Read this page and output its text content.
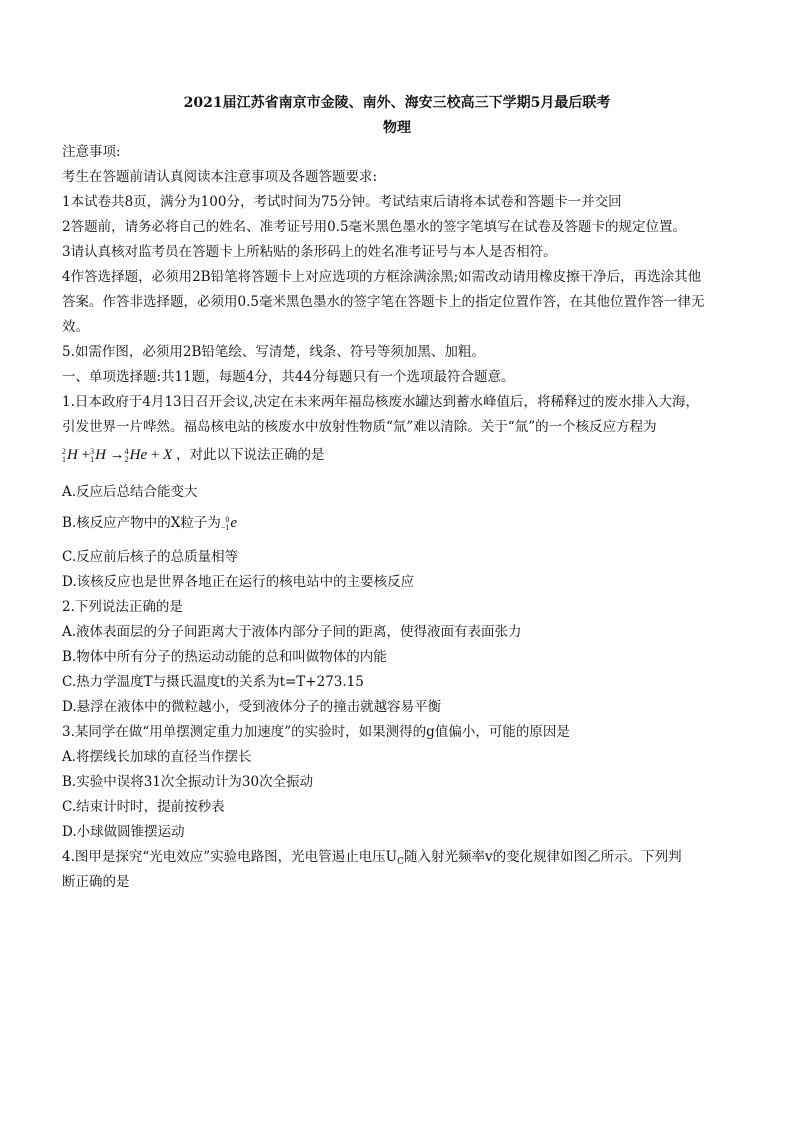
2021届江苏省南京市金陵、南外、海安三校高三下学期5月最后联考
物理
注意事项:
考生在答题前请认真阅读本注意事项及各题答题要求:
1本试卷共8页，满分为100分，考试时间为75分钟。考试结束后请将本试卷和答题卡一并交回
2答题前，请务必将自己的姓名、准考证号用0.5毫米黑色墨水的签字笔填写在试卷及答题卡的规定位置。
3请认真核对监考员在答题卡上所粘贴的条形码上的姓名准考证号与本人是否相符。
4作答选择题，必须用2B铅笔将答题卡上对应选项的方框涂满涂黑;如需改动请用橡皮擦干净后，再选涂其他
答案。作答非选择题，必须用0.5毫米黑色墨水的签字笔在答题卡上的指定位置作答，在其他位置作答一律无
效。
5.如需作图，必须用2B铅笔绘、写清楚，线条、符号等须加黑、加粗。
一、单项选择题:共11题，每题4分，共44分每题只有一个选项最符合题意。
1.日本政府于4月13日召开会议,决定在未来两年福岛核废水罐达到蓄水峰值后，将稀释过的废水排入大海，
引发世界一片哗然。福岛核电站的核废水中放射性物质“氚”难以清除。关于“氚”的一个核反应方程为
2
1 H + 3
1 H → 4
2 He + X ，对此以下说法正确的是
A.反应后总结合能变大
B.核反应产物中的X粒子为 0
−1 e
C.反应前后核子的总质量相等
D.该核反应也是世界各地正在运行的核电站中的主要核反应
2.下列说法正确的是
A.液体表面层的分子间距离大于液体内部分子间的距离，使得液面有表面张力
B.物体中所有分子的热运动动能的总和叫做物体的内能
C.热力学温度T与摄氏温度t的关系为t=T+273.15
D.悬浮在液体中的微粒越小，受到液体分子的撞击就越容易平衡
3.某同学在做“用单摆测定重力加速度”的实验时，如果测得的g值偏小，可能的原因是
A.将摆线长加球的直径当作摆长
B.实验中误将31次全振动计为30次全振动
C.结束计时时，提前按秒表
D.小球做圆锥摆运动
4.图甲是探究“光电效应”实验电路图，光电管遏止电压$U_C$随入射光频率v的变化规律如图乙所示。下列判
断正确的是
